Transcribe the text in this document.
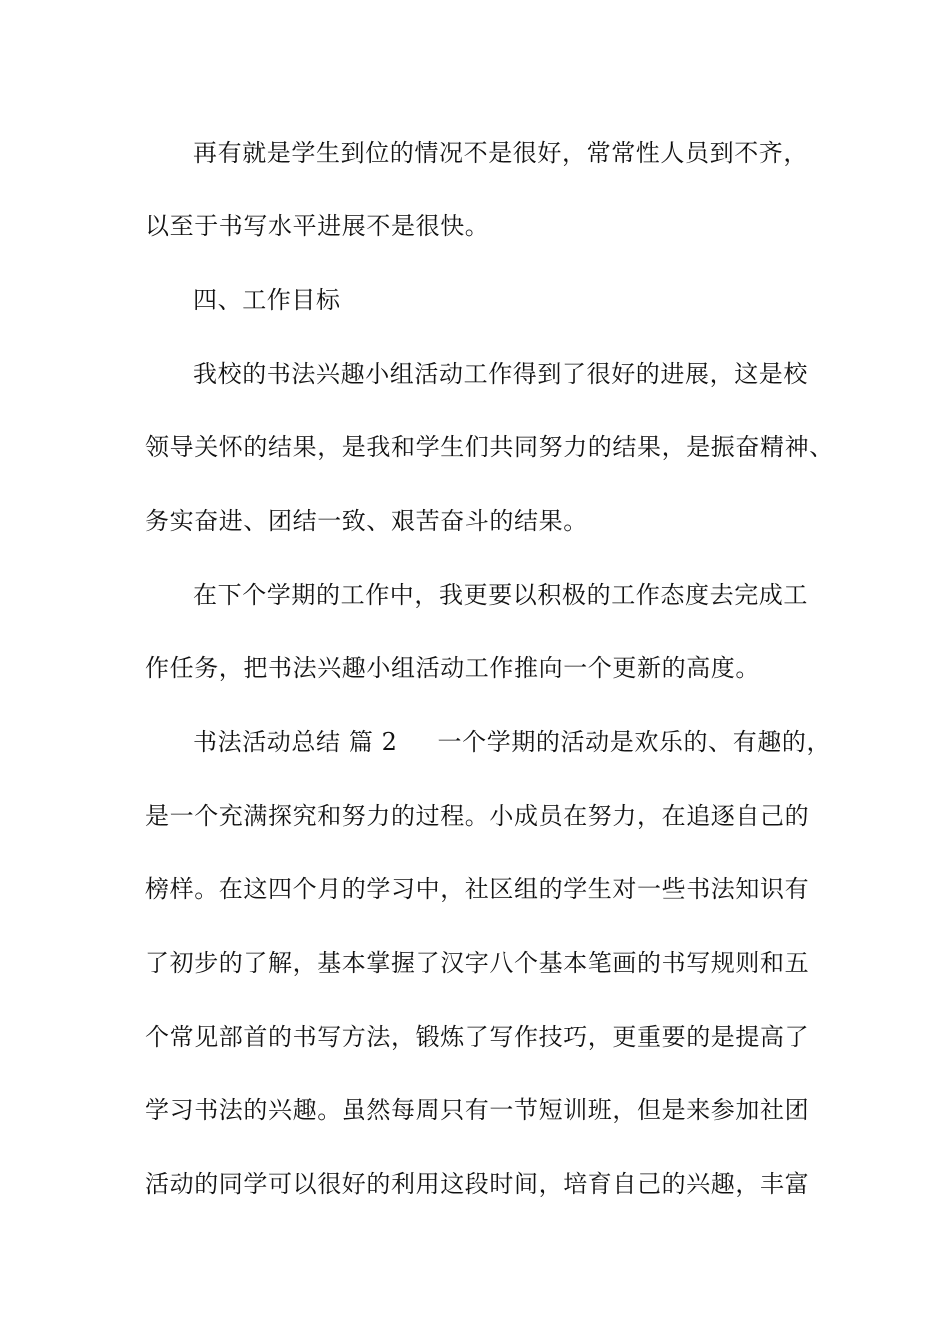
再有就是学生到位的情况不是很好，常常性人员到不齐，
以至于书写水平进展不是很快。
四、工作目标
我校的书法兴趣小组活动工作得到了很好的进展，这是校
领导关怀的结果，是我和学生们共同努力的结果，是振奋精神、
务实奋进、团结一致、艰苦奋斗的结果。
在下个学期的工作中，我更要以积极的工作态度去完成工
作任务，把书法兴趣小组活动工作推向一个更新的高度。
书法活动总结 篇 2 一个学期的活动是欢乐的、有趣的，
是一个充满探究和努力的过程。小成员在努力，在追逐自己的
榜样。在这四个月的学习中，社区组的学生对一些书法知识有
了初步的了解，基本掌握了汉字八个基本笔画的书写规则和五
个常见部首的书写方法，锻炼了写作技巧，更重要的是提高了
学习书法的兴趣。虽然每周只有一节短训班，但是来参加社团
活动的同学可以很好的利用这段时间，培育自己的兴趣，丰富
